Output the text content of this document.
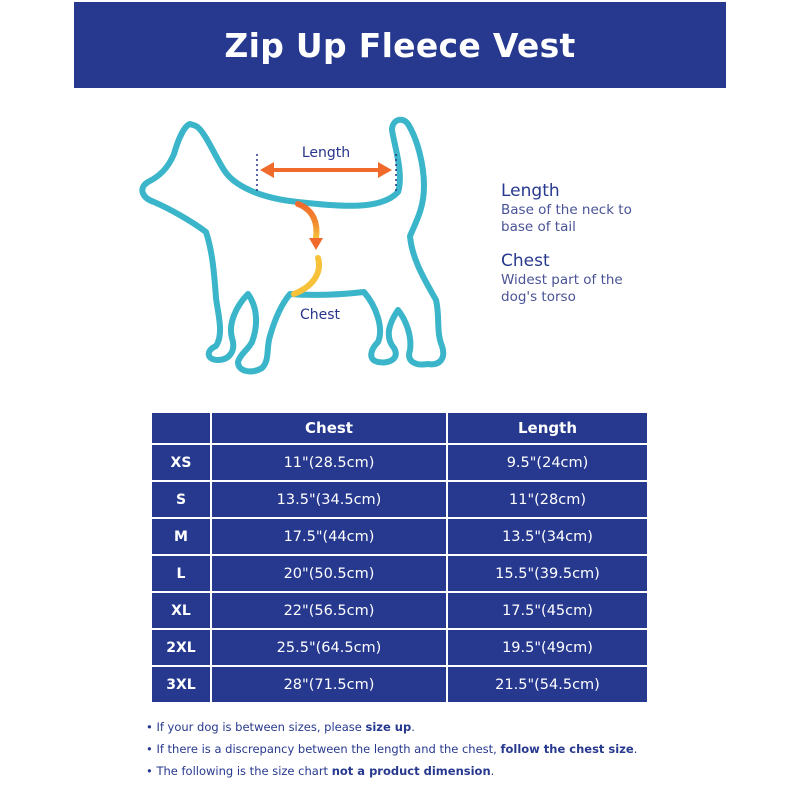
Zip Up Fleece Vest
Length
Chest

Length

Base of the neck to base of tail

Chest

Widest part of the dog's torso

	Chest	Length
XS	11"(28.5cm)	9.5"(24cm)
S	13.5"(34.5cm)	11"(28cm)
M	17.5"(44cm)	13.5"(34cm)
L	20"(50.5cm)	15.5"(39.5cm)
XL	22"(56.5cm)	17.5"(45cm)
2XL	25.5"(64.5cm)	19.5"(49cm)
3XL	28"(71.5cm)	21.5"(54.5cm)
• If your dog is between sizes, please size up.
• If there is a discrepancy between the length and the chest, follow the chest size.
• The following is the size chart not a product dimension.
